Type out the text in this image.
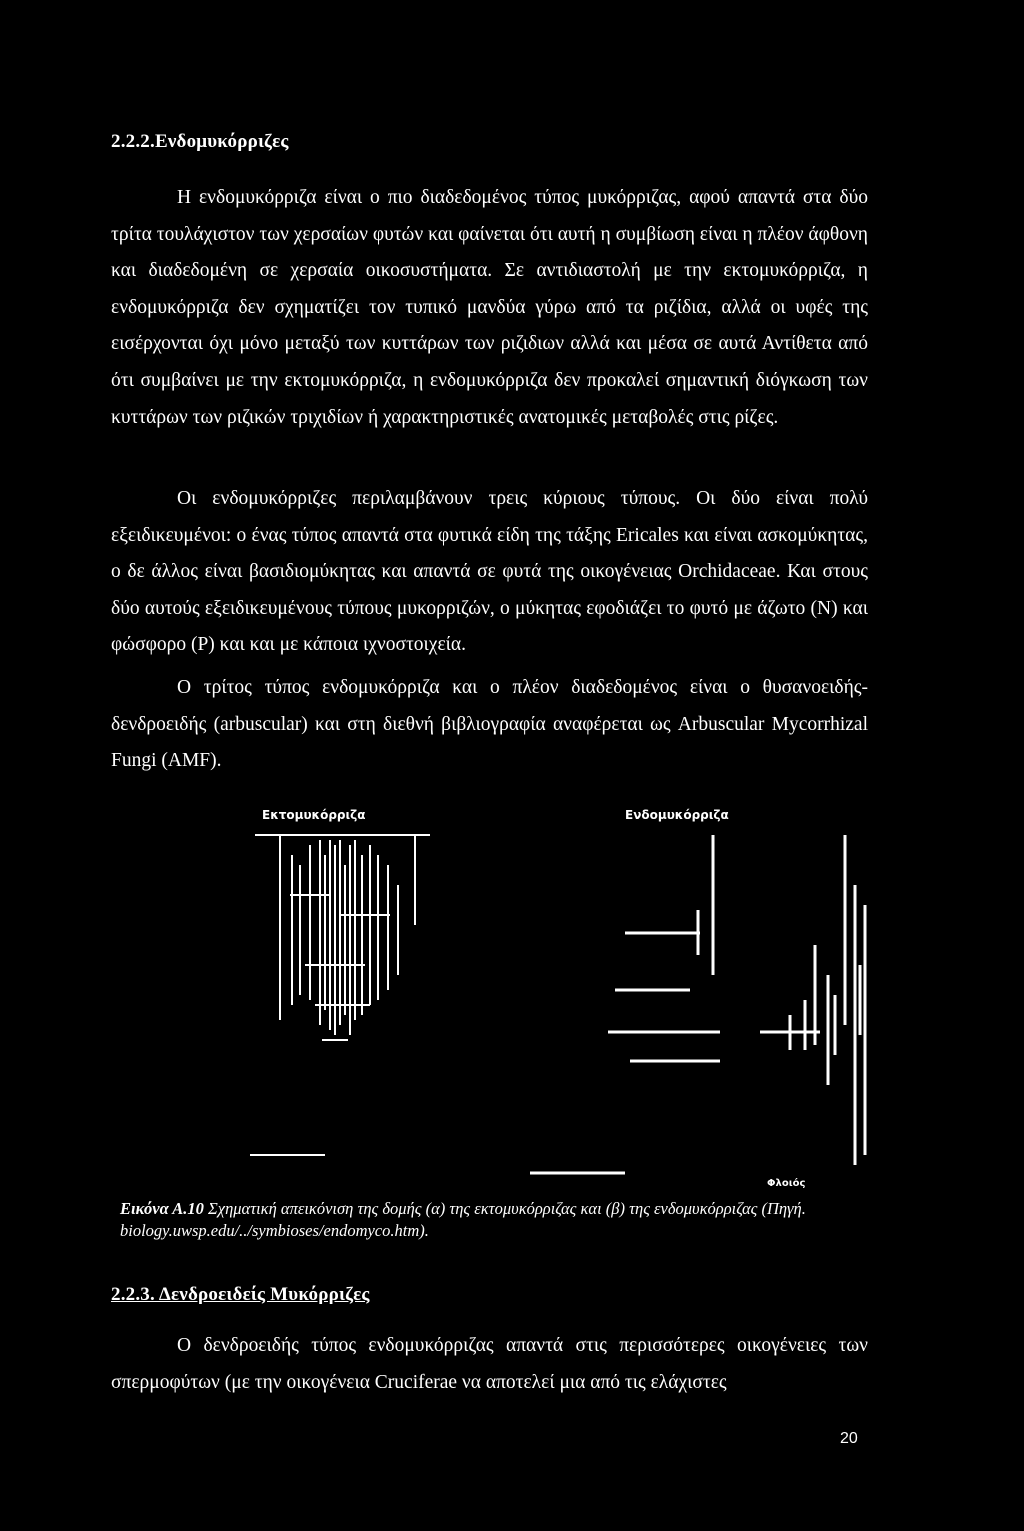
2.2.2.Ενδομυκόρριζες

Η ενδομυκόρριζα είναι ο πιο διαδεδομένος τύπος μυκόρριζας, αφού απαντά στα δύο τρίτα τουλάχιστον των χερσαίων φυτών και φαίνεται ότι αυτή η συμβίωση είναι η πλέον άφθονη και διαδεδομένη σε χερσαία οικοσυστήματα. Σε αντιδιαστολή με την εκτομυκόρριζα, η ενδομυκόρριζα δεν σχηματίζει τον τυπικό μανδύα γύρω από τα ριζίδια, αλλά οι υφές της εισέρχονται όχι μόνο μεταξύ των κυττάρων των ριζιδιων αλλά και μέσα σε αυτά Αντίθετα από ότι συμβαίνει με την εκτομυκόρριζα, η ενδομυκόρριζα δεν προκαλεί σημαντική διόγκωση των κυττάρων των ριζικών τριχιδίων ή χαρακτηριστικές ανατομικές μεταβολές στις ρίζες.

Οι ενδομυκόρριζες περιλαμβάνουν τρεις κύριους τύπους. Οι δύο είναι πολύ εξειδικευμένοι: ο ένας τύπος απαντά στα φυτικά είδη της τάξης Ericales και είναι ασκομύκητας, ο δε άλλος είναι βασιδιομύκητας και απαντά σε φυτά της οικογένειας Orchidaceae. Και στους δύο αυτούς εξειδικευμένους τύπους μυκορριζών, ο μύκητας εφοδιάζει το φυτό με άζωτο (N) και φώσφορο (P) και και με κάποια ιχνοστοιχεία.

Ο τρίτος τύπος ενδομυκόρριζα και ο πλέον διαδεδομένος είναι ο θυσανοειδής-δενδροειδής (arbuscular) και στη διεθνή βιβλιογραφία αναφέρεται ως Arbuscular Mycorrhizal Fungi (AMF).

Εκτομυκόρριζα	Ενδομυκόρριζα
Φλοιός
Εικόνα Α.10 Σχηματική απεικόνιση της δομής (α) της εκτομυκόρριζας και (β) της ενδομυκόρριζας (Πηγή. biology.uwsp.edu/../symbioses/endomyco.htm).
2.2.3. Δενδροειδείς Μυκόρριζες

Ο δενδροειδής τύπος ενδομυκόρριζας απαντά στις περισσότερες οικογένειες των σπερμοφύτων (με την οικογένεια Cruciferae να αποτελεί μια από τις ελάχιστες

20
